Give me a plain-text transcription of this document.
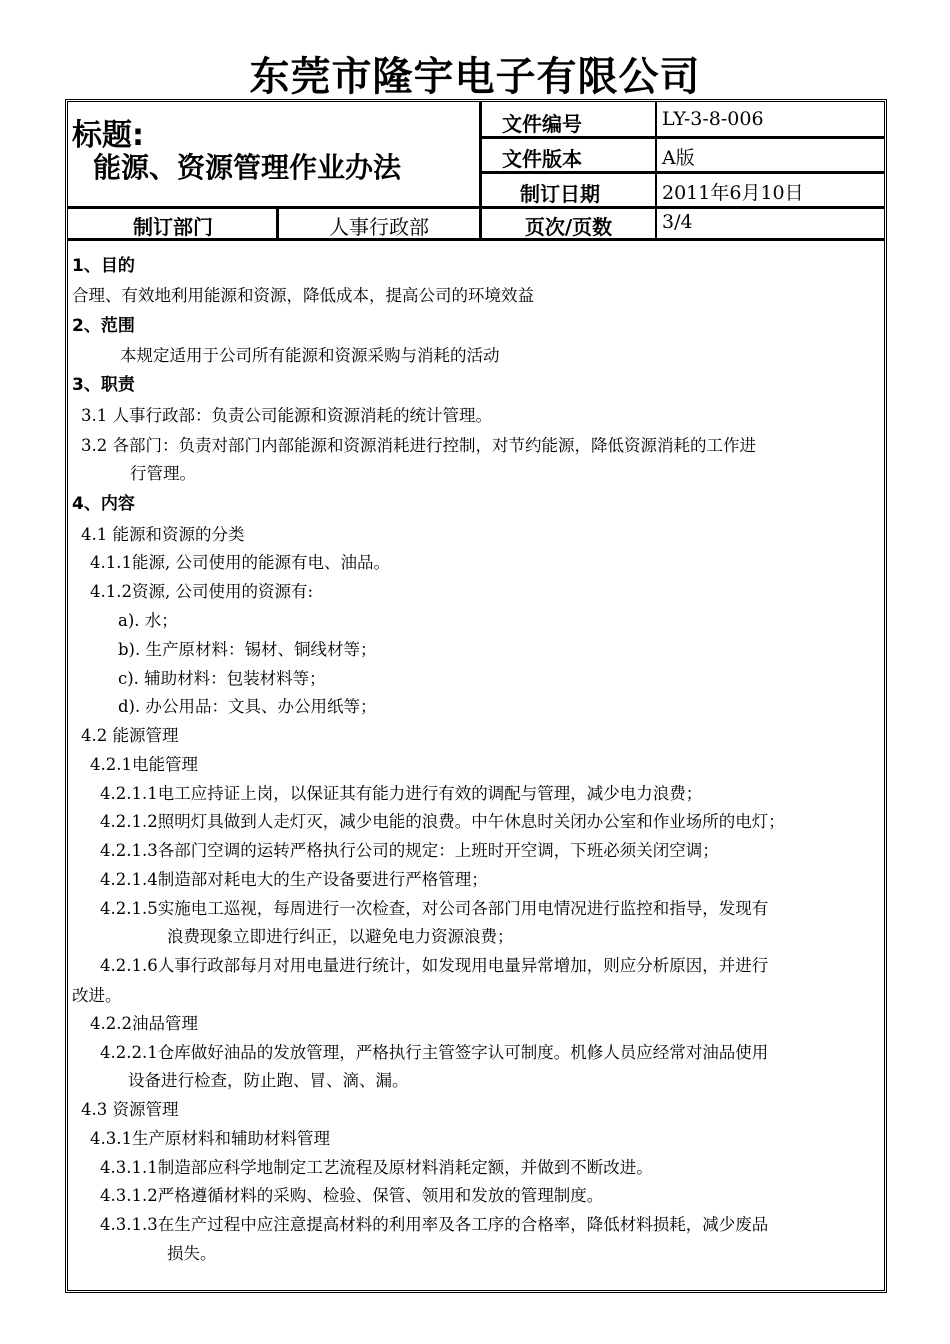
东莞市隆宇电子有限公司
标题:
能源、资源管理作业办法
文件编号	LY-3-8-006
文件版本	A版
制订日期	2011年6月10日
制订部门	人事行政部	页次/页数	3/4
1、目的
合理、有效地利用能源和资源，降低成本，提高公司的环境效益
2、范围
本规定适用于公司所有能源和资源采购与消耗的活动
3、职责
3.1 人事行政部：负责公司能源和资源消耗的统计管理。
3.2 各部门：负责对部门内部能源和资源消耗进行控制，对节约能源，降低资源消耗的工作进
行管理。
4、内容
4.1 能源和资源的分类
4.1.1能源, 公司使用的能源有电、油品。
4.1.2资源, 公司使用的资源有:
a). 水；
b). 生产原材料：锡材、铜线材等；
c). 辅助材料：包装材料等；
d). 办公用品：文具、办公用纸等；
4.2 能源管理
4.2.1电能管理
4.2.1.1电工应持证上岗，以保证其有能力进行有效的调配与管理，减少电力浪费；
4.2.1.2照明灯具做到人走灯灭，减少电能的浪费。中午休息时关闭办公室和作业场所的电灯；
4.2.1.3各部门空调的运转严格执行公司的规定：上班时开空调，下班必须关闭空调；
4.2.1.4制造部对耗电大的生产设备要进行严格管理；
4.2.1.5实施电工巡视，每周进行一次检查，对公司各部门用电情况进行监控和指导，发现有
浪费现象立即进行纠正，以避免电力资源浪费；
4.2.1.6人事行政部每月对用电量进行统计，如发现用电量异常增加，则应分析原因，并进行
改进。
4.2.2油品管理
4.2.2.1仓库做好油品的发放管理，严格执行主管签字认可制度。机修人员应经常对油品使用
设备进行检查，防止跑、冒、滴、漏。
4.3 资源管理
4.3.1生产原材料和辅助材料管理
4.3.1.1制造部应科学地制定工艺流程及原材料消耗定额，并做到不断改进。
4.3.1.2严格遵循材料的采购、检验、保管、领用和发放的管理制度。
4.3.1.3在生产过程中应注意提高材料的利用率及各工序的合格率，降低材料损耗，减少废品
损失。
